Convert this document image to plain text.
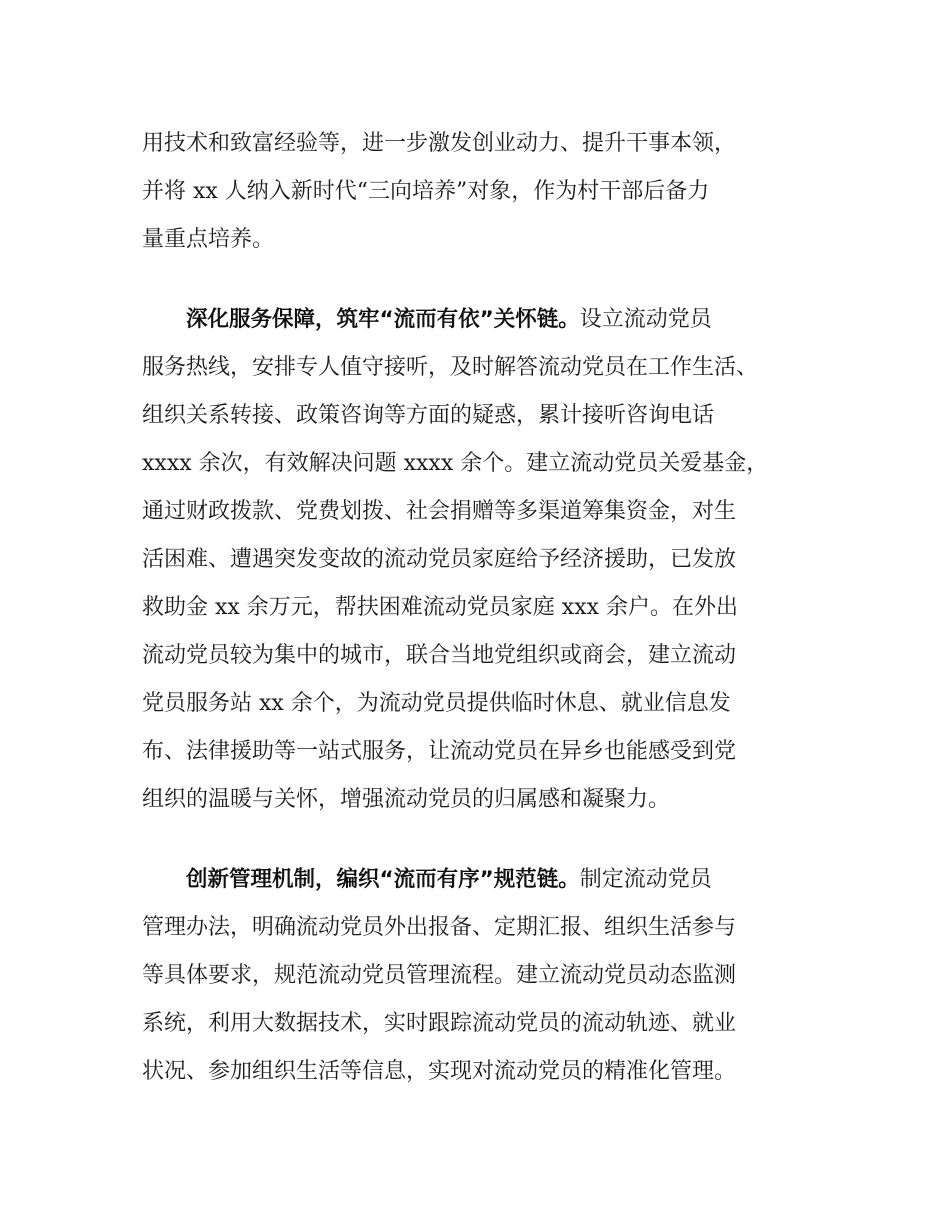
用技术和致富经验等，进一步激发创业动力、提升干事本领，
并将 xx 人纳入新时代“三向培养”对象，作为村干部后备力
量重点培养。
深化服务保障，筑牢“流而有依”关怀链。设立流动党员
服务热线，安排专人值守接听，及时解答流动党员在工作生活、
组织关系转接、政策咨询等方面的疑惑，累计接听咨询电话
xxxx 余次，有效解决问题 xxxx 余个。建立流动党员关爱基金，
通过财政拨款、党费划拨、社会捐赠等多渠道筹集资金，对生
活困难、遭遇突发变故的流动党员家庭给予经济援助，已发放
救助金 xx 余万元，帮扶困难流动党员家庭 xxx 余户。在外出
流动党员较为集中的城市，联合当地党组织或商会，建立流动
党员服务站 xx 余个，为流动党员提供临时休息、就业信息发
布、法律援助等一站式服务，让流动党员在异乡也能感受到党
组织的温暖与关怀，增强流动党员的归属感和凝聚力。
创新管理机制，编织“流而有序”规范链。制定流动党员
管理办法，明确流动党员外出报备、定期汇报、组织生活参与
等具体要求，规范流动党员管理流程。建立流动党员动态监测
系统，利用大数据技术，实时跟踪流动党员的流动轨迹、就业
状况、参加组织生活等信息，实现对流动党员的精准化管理。
